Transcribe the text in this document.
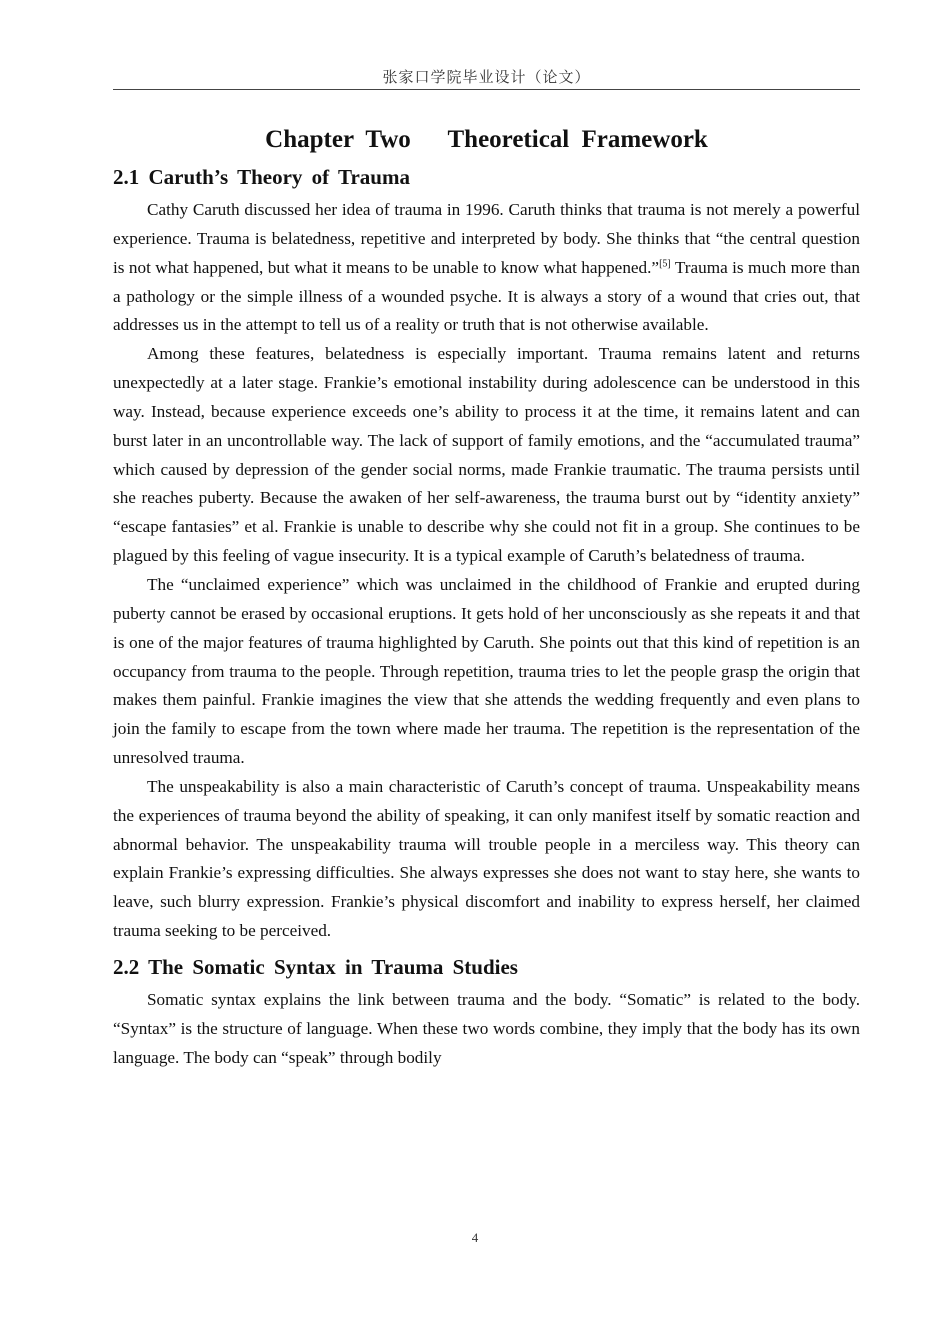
张家口学院毕业设计（论文）
Chapter Two   Theoretical Framework
2.1 Caruth’s Theory of Trauma

Cathy Caruth discussed her idea of trauma in 1996. Caruth thinks that trauma is not merely a powerful experience. Trauma is belatedness, repetitive and interpreted by body. She thinks that “the central question is not what happened, but what it means to be unable to know what happened.”[5] Trauma is much more than a pathology or the simple illness of a wounded psyche. It is always a story of a wound that cries out, that addresses us in the attempt to tell us of a reality or truth that is not otherwise available.

Among these features, belatedness is especially important. Trauma remains latent and returns unexpectedly at a later stage. Frankie’s emotional instability during adolescence can be understood in this way. Instead, because experience exceeds one’s ability to process it at the time, it remains latent and can burst later in an uncontrollable way. The lack of support of family emotions, and the “accumulated trauma” which caused by depression of the gender social norms, made Frankie traumatic. The trauma persists until she reaches puberty. Because the awaken of her self-awareness, the trauma burst out by “identity anxiety” “escape fantasies” et al. Frankie is unable to describe why she could not fit in a group. She continues to be plagued by this feeling of vague insecurity. It is a typical example of Caruth’s belatedness of trauma.

The “unclaimed experience” which was unclaimed in the childhood of Frankie and erupted during puberty cannot be erased by occasional eruptions. It gets hold of her unconsciously as she repeats it and that is one of the major features of trauma highlighted by Caruth. She points out that this kind of repetition is an occupancy from trauma to the people. Through repetition, trauma tries to let the people grasp the origin that makes them painful. Frankie imagines the view that she attends the wedding frequently and even plans to join the family to escape from the town where made her trauma. The repetition is the representation of the unresolved trauma.

The unspeakability is also a main characteristic of Caruth’s concept of trauma. Unspeakability means the experiences of trauma beyond the ability of speaking, it can only manifest itself by somatic reaction and abnormal behavior. The unspeakability trauma will trouble people in a merciless way. This theory can explain Frankie’s expressing difficulties. She always expresses she does not want to stay here, she wants to leave, such blurry expression. Frankie’s physical discomfort and inability to express herself, her claimed trauma seeking to be perceived.

2.2 The Somatic Syntax in Trauma Studies

Somatic syntax explains the link between trauma and the body. “Somatic” is related to the body. “Syntax” is the structure of language. When these two words combine, they imply that the body has its own language. The body can “speak” through bodily

4
